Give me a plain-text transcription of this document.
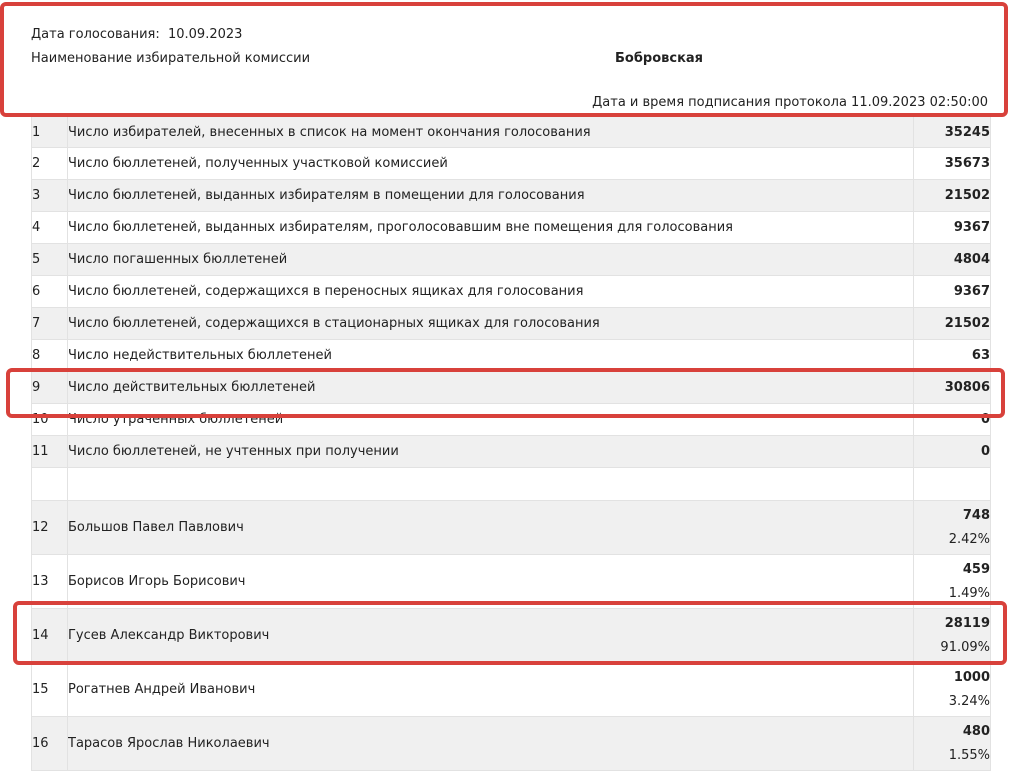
Дата голосования: 10.09.2023
Наименование избирательной комиссии	Бобровская
Дата и время подписания протокола 11.09.2023 02:50:00
1	Число избирателей, внесенных в список на момент окончания голосования	35245
2	Число бюллетеней, полученных участковой комиссией	35673
3	Число бюллетеней, выданных избирателям в помещении для голосования	21502
4	Число бюллетеней, выданных избирателям, проголосовавшим вне помещения для голосования	9367
5	Число погашенных бюллетеней	4804
6	Число бюллетеней, содержащихся в переносных ящиках для голосования	9367
7	Число бюллетеней, содержащихся в стационарных ящиках для голосования	21502
8	Число недействительных бюллетеней	63
9	Число действительных бюллетеней	30806
10	Число утраченных бюллетеней	0
11	Число бюллетеней, не учтенных при получении	0

12	Большов Павел Павлович	748
2.42%

13	Борисов Игорь Борисович	459
1.49%

14	Гусев Александр Викторович	28119
91.09%

15	Рогатнев Андрей Иванович	1000
3.24%

16	Тарасов Ярослав Николаевич	480
1.55%
